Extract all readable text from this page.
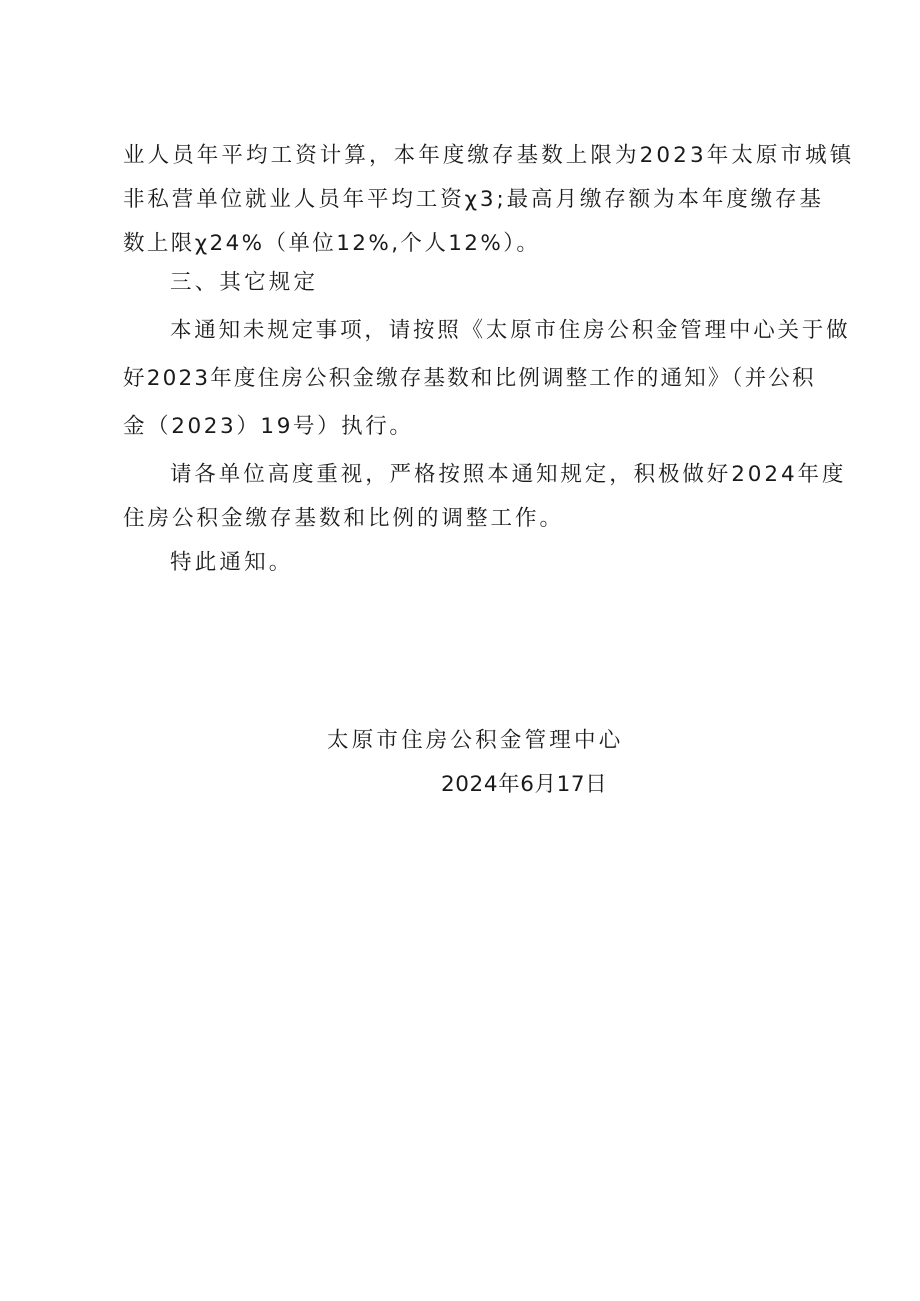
业人员年平均工资计算，本年度缴存基数上限为2023年太原市城镇
非私营单位就业人员年平均工资χ3;最高月缴存额为本年度缴存基
数上限χ24%（单位12%,个人12%）。
三、其它规定
本通知未规定事项，请按照《太原市住房公积金管理中心关于做
好2023年度住房公积金缴存基数和比例调整工作的通知》（并公积
金（2023）19号）执行。
请各单位高度重视，严格按照本通知规定，积极做好2024年度
住房公积金缴存基数和比例的调整工作。
特此通知。
太原市住房公积金管理中心
2024年6月17日
